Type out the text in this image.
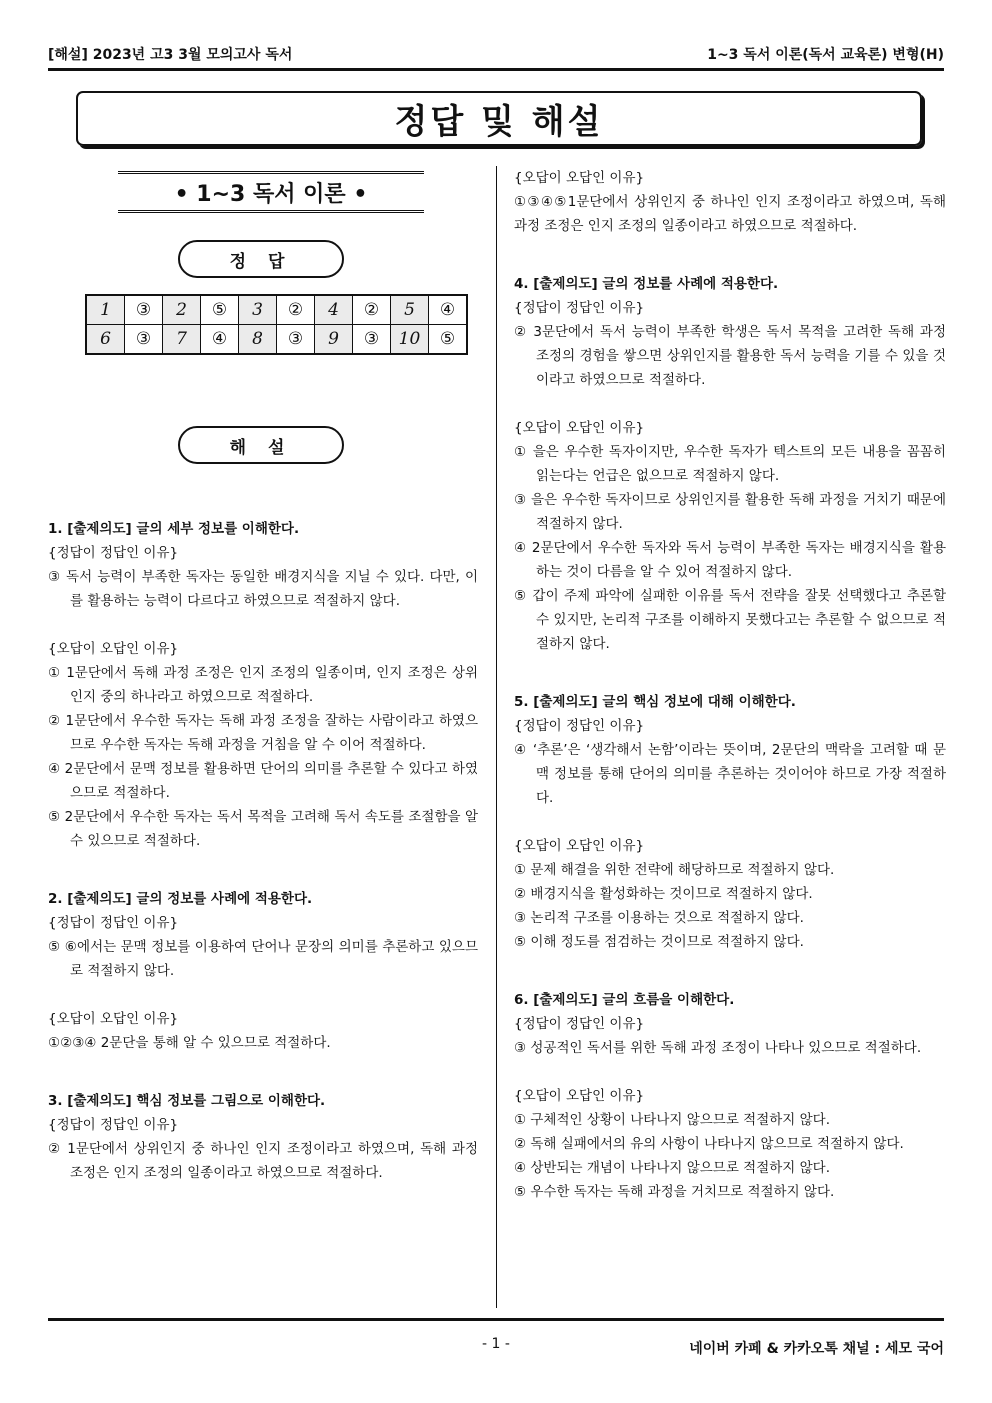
[해설] 2023년 고3 3월 모의고사 독서	1~3 독서 이론(독서 교육론) 변형(H)
정답 및 해설
• 1~3 독서 이론 •
정 답
1	③	2	⑤	3	②	4	②	5	④
6	③	7	④	8	③	9	③	10	⑤
해 설
1. [출제의도] 글의 세부 정보를 이해한다.
{정답이 정답인 이유}
③ 독서 능력이 부족한 독자는 동일한 배경지식을 지닐 수 있다. 다만, 이를 활용하는 능력이 다르다고 하였으므로 적절하지 않다.
{오답이 오답인 이유}
① 1문단에서 독해 과정 조정은 인지 조정의 일종이며, 인지 조정은 상위 인지 중의 하나라고 하였으므로 적절하다.
② 1문단에서 우수한 독자는 독해 과정 조정을 잘하는 사람이라고 하였으므로 우수한 독자는 독해 과정을 거침을 알 수 이어 적절하다.
④ 2문단에서 문맥 정보를 활용하면 단어의 의미를 추론할 수 있다고 하였으므로 적절하다.
⑤ 2문단에서 우수한 독자는 독서 목적을 고려해 독서 속도를 조절함을 알 수 있으므로 적절하다.
2. [출제의도] 글의 정보를 사례에 적용한다.
{정답이 정답인 이유}
⑤ ⑥에서는 문맥 정보를 이용하여 단어나 문장의 의미를 추론하고 있으므로 적절하지 않다.
{오답이 오답인 이유}
①②③④ 2문단을 통해 알 수 있으므로 적절하다.
3. [출제의도] 핵심 정보를 그림으로 이해한다.
{정답이 정답인 이유}
② 1문단에서 상위인지 중 하나인 인지 조정이라고 하였으며, 독해 과정 조정은 인지 조정의 일종이라고 하였으므로 적절하다.
{오답이 오답인 이유}
①③④⑤1문단에서 상위인지 중 하나인 인지 조정이라고 하였으며, 독해 과정 조정은 인지 조정의 일종이라고 하였으므로 적절하다.
4. [출제의도] 글의 정보를 사례에 적용한다.
{정답이 정답인 이유}
② 3문단에서 독서 능력이 부족한 학생은 독서 목적을 고려한 독해 과정 조정의 경험을 쌓으면 상위인지를 활용한 독서 능력을 기를 수 있을 것이라고 하였으므로 적절하다.
{오답이 오답인 이유}
① 을은 우수한 독자이지만, 우수한 독자가 텍스트의 모든 내용을 꼼꼼히 읽는다는 언급은 없으므로 적절하지 않다.
③ 을은 우수한 독자이므로 상위인지를 활용한 독해 과정을 거치기 때문에 적절하지 않다.
④ 2문단에서 우수한 독자와 독서 능력이 부족한 독자는 배경지식을 활용하는 것이 다름을 알 수 있어 적절하지 않다.
⑤ 갑이 주제 파악에 실패한 이유를 독서 전략을 잘못 선택했다고 추론할 수 있지만, 논리적 구조를 이해하지 못했다고는 추론할 수 없으므로 적절하지 않다.
5. [출제의도] 글의 핵심 정보에 대해 이해한다.
{정답이 정답인 이유}
④ ‘추론’은 ‘생각해서 논함’이라는 뜻이며, 2문단의 맥락을 고려할 때 문맥 정보를 통해 단어의 의미를 추론하는 것이어야 하므로 가장 적절하다.
{오답이 오답인 이유}
① 문제 해결을 위한 전략에 해당하므로 적절하지 않다.
② 배경지식을 활성화하는 것이므로 적절하지 않다.
③ 논리적 구조를 이용하는 것으로 적절하지 않다.
⑤ 이해 정도를 점검하는 것이므로 적절하지 않다.
6. [출제의도] 글의 흐름을 이해한다.
{정답이 정답인 이유}
③ 성공적인 독서를 위한 독해 과정 조정이 나타나 있으므로 적절하다.
{오답이 오답인 이유}
① 구체적인 상황이 나타나지 않으므로 적절하지 않다.
② 독해 실패에서의 유의 사항이 나타나지 않으므로 적절하지 않다.
④ 상반되는 개념이 나타나지 않으므로 적절하지 않다.
⑤ 우수한 독자는 독해 과정을 거치므로 적절하지 않다.
- 1 -	네이버 카페 & 카카오톡 채널 : 세모 국어
